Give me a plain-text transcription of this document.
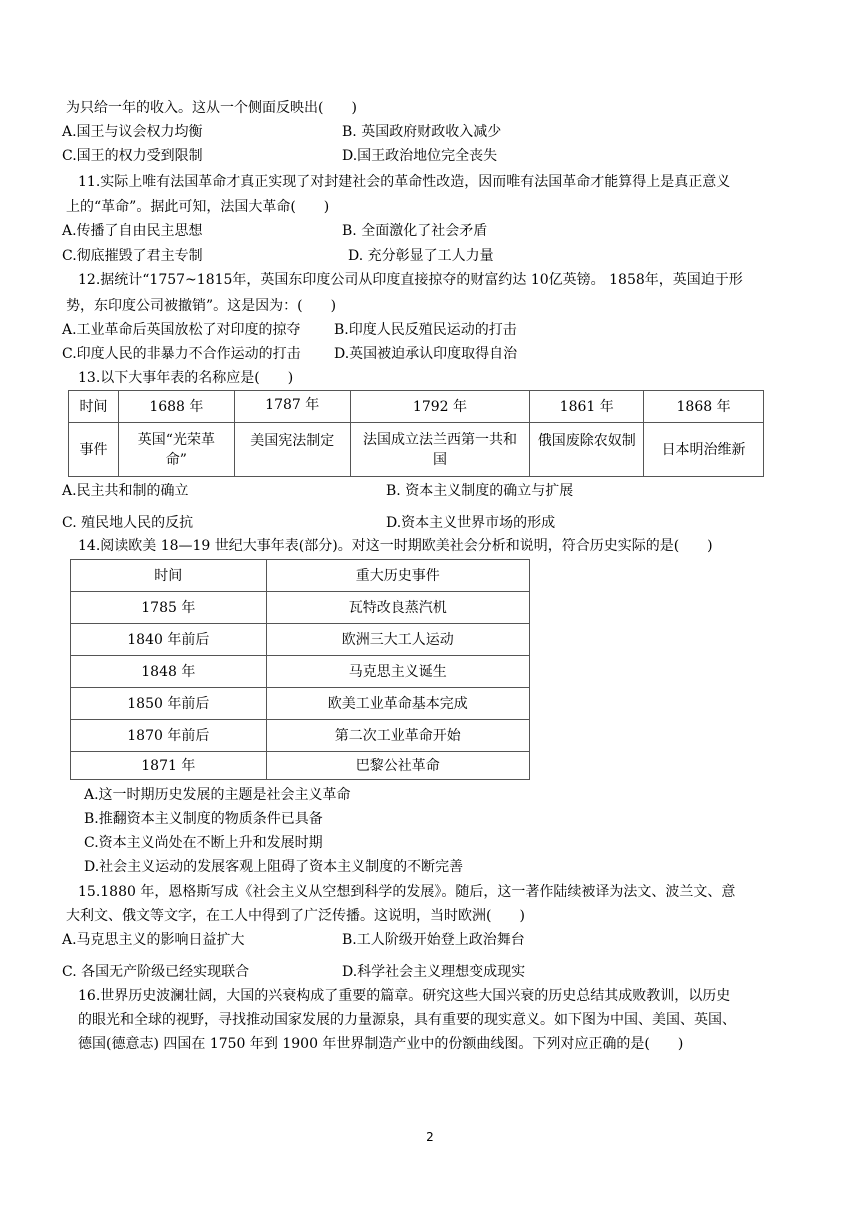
为只给一年的收入。这从一个侧面反映出(　　)
A.国王与议会权力均衡	B. 英国政府财政收入减少
C.国王的权力受到限制	D.国王政治地位完全丧失
11.实际上唯有法国革命才真正实现了对封建社会的革命性改造，因而唯有法国革命才能算得上是真正意义
上的“革命”。据此可知，法国大革命(　　)
A.传播了自由民主思想	B. 全面激化了社会矛盾
C.彻底摧毁了君主专制	D. 充分彰显了工人力量
12.据统计“1757~1815年，英国东印度公司从印度直接掠夺的财富约达 10亿英镑。 1858年，英国迫于形
势，东印度公司被撤销”。这是因为：(　　)
A.工业革命后英国放松了对印度的掠夺 B.印度人民反殖民运动的打击
C.印度人民的非暴力不合作运动的打击 D.英国被迫承认印度取得自治
13.以下大事年表的名称应是(　　)
时间	1688 年	1787 年	1792 年	1861 年	1868 年
事件	英国“光荣革命”	美国宪法制定	法国成立法兰西第一共和国	俄国废除农奴制	日本明治维新
A.民主共和制的确立	B. 资本主义制度的确立与扩展
C. 殖民地人民的反抗	D.资本主义世界市场的形成
14.阅读欧美 18—19 世纪大事年表(部分)。对这一时期欧美社会分析和说明，符合历史实际的是(　　)
时间	重大历史事件
1785 年	瓦特改良蒸汽机
1840 年前后	欧洲三大工人运动
1848 年	马克思主义诞生
1850 年前后	欧美工业革命基本完成
1870 年前后	第二次工业革命开始
1871 年	巴黎公社革命
A.这一时期历史发展的主题是社会主义革命
B.推翻资本主义制度的物质条件已具备
C.资本主义尚处在不断上升和发展时期
D.社会主义运动的发展客观上阻碍了资本主义制度的不断完善
15.1880 年，恩格斯写成《社会主义从空想到科学的发展》。随后，这一著作陆续被译为法文、波兰文、意
大利文、俄文等文字，在工人中得到了广泛传播。这说明，当时欧洲(　　)
A.马克思主义的影响日益扩大	B.工人阶级开始登上政治舞台
C. 各国无产阶级已经实现联合	D.科学社会主义理想变成现实
16.世界历史波澜壮阔，大国的兴衰构成了重要的篇章。研究这些大国兴衰的历史总结其成败教训，以历史
的眼光和全球的视野，寻找推动国家发展的力量源泉，具有重要的现实意义。如下图为中国、美国、英国、
德国(德意志) 四国在 1750 年到 1900 年世界制造产业中的份额曲线图。下列对应正确的是(　　)
2
